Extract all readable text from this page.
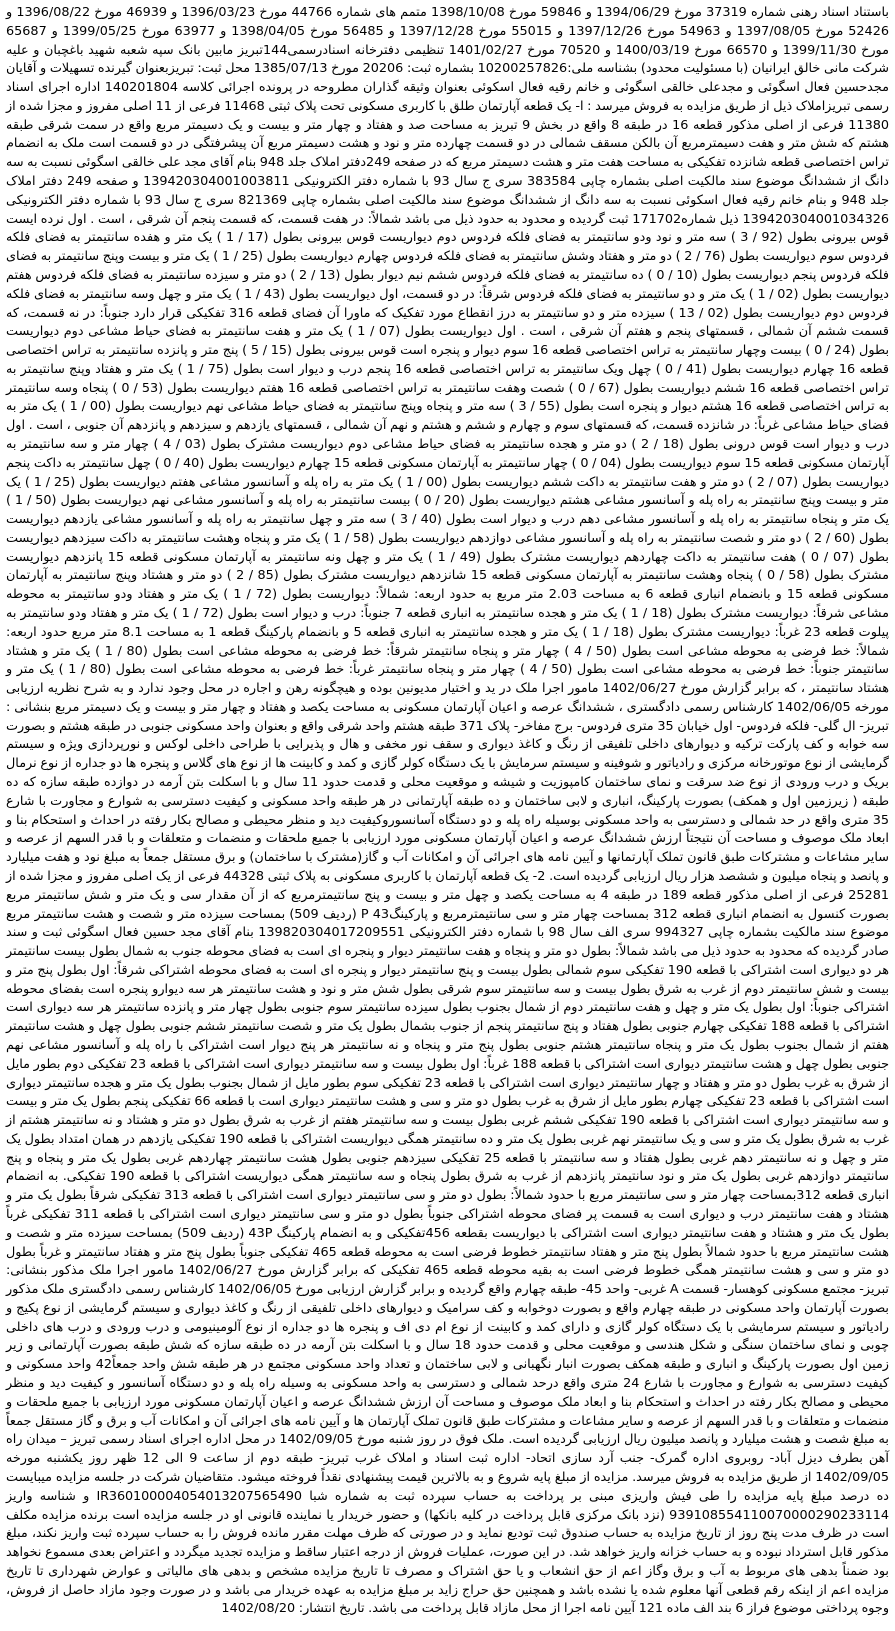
باستناد اسناد رهنی شماره 37319 مورخ 1394/06/29 و 59846 مورخ 1398/10/08 متمم های شماره 44766 مورخ 1396/03/23 و 46939 مورخ 1396/08/22 و 52426 مورخ 1397/08/05 و 54963 مورخ 1397/12/26 و 55015 مورخ 1397/12/28 و 56485 مورخ 1398/04/05 و 63977 مورخ 1399/05/25 و 65687 مورخ 1399/11/30 و 66570 مورخ 1400/03/19 و 70520 مورخ 1401/02/27 تنظیمی دفترخانه اسنادرسمی144تبریز مابین بانک سپه شعبه شهید باغچبان و علیه شرکت مانی خالق ایرانیان (با مسئولیت محدود) بشناسه ملی:10200257826 بشماره ثبت: 20206 مورخ 1385/07/13 محل ثبت: تبریزبعنوان گیرنده تسهیلات و آقایان مجدحسین فعال اسگوئی و مجدعلی خالقی اسگوئی و خانم رقیه فعال اسکوئی بعنوان وثیقه گذاران مطروحه در پرونده اجرائی کلاسه 140201804 اداره اجرای اسناد رسمی تبریزاملاک ذیل از طریق مزایده به فروش میرسد : ا- یک قطعه آپارتمان طلق با کاربری مسکونی تحت پلاک ثبتی 11468 فرعی از 11 اصلی مفروز و مجزا شده از 11380 فرعی از اصلی مذکور قطعه 16 در طبقه 8 واقع در بخش 9 تبریز به مساحت صد و هفتاد و چهار متر و بیست و یک دسیمتر مربع واقع در سمت شرقی طبقه هشتم که شش متر و هفت دسیمترمربع آن بالکن مسقف شمالی در دو قسمت چهارده متر و نود و هشت دسیمتر مربع آن پیشرفتگی در دو قسمت است ملک به انضمام تراس اختصاصی قطعه شانزده تفکیکی به مساحت هفت متر و هشت دسیمتر مربع که در صفحه 249دفتر املاک جلد 948 بنام آقای مجد علی خالقی اسگوئی نسبت به سه دانگ از ششدانگ موضوع سند مالکیت اصلی بشماره چاپی 383584 سری ج سال 93 با شماره دفتر الکترونیکی 139420304001003811 و صفحه 249 دفتر املاک جلد 948 و بنام خانم رقیه فعال اسکوئی نسبت به سه دانگ از ششدانگ موضوع سند مالکیت اصلی بشماره چاپی 821369 سری ج سال 93 با شماره دفتر الکترونیکی 139420304001034326 ذیل شماره171702 ثبت گردیده و محدود به حدود ذیل می باشد شمالاً: در هفت قسمت، که قسمت پنجم آن شرقی ، است . اول نرده ایست قوس بیرونی بطول (92 / 3 ) سه متر و نود ودو سانتیمتر به فضای فلکه فردوس دوم دیواریست قوس بیرونی بطول (17 / 1 ) یک متر و هفده سانتیمتر به فضای فلکه فردوس سوم دیواریست بطول (76 / 2 ) دو متر و هفتاد وشش سانتیمتر به فضای فلکه فردوس چهارم دیواریست بطول (25 / 1 ) یک متر و بیست وپنج سانتیمتر به فضای فلکه فردوس پنجم دیواریست بطول (10 / 0 ) ده سانتیمتر به فضای فلکه فردوس ششم نیم دیوار بطول (13 / 2 ) دو متر و سیزده سانتیمتر به فضای فلکه فردوس هفتم دیواریست بطول (02 / 1 ) یک متر و دو سانتیمتر به فضای فلکه فردوس شرقاً: در دو قسمت، اول دیواریست بطول (43 / 1 ) یک متر و چهل وسه سانتیمتر به فضای فلکه فردوس دوم دیواریست بطول (02 / 13 ) سیزده متر و دو سانتیمتر به درز انقطاع مورد تفکیک که ماورا آن فضای قطعه 316 تفکیکی قرار دارد جنوباً: در نه قسمت، که قسمت ششم آن شمالی ، قسمتهای پنجم و هفتم آن شرقی ، است . اول دیواریست بطول (07 / 1 ) یک متر و هفت سانتیمتر به فضای حیاط مشاعی دوم دیواریست بطول (24 / 0 ) بیست وچهار سانتیمتر به تراس اختصاصی قطعه 16 سوم دیوار و پنجره است قوس بیرونی بطول (15 / 5 ) پنج متر و پانزده سانتیمتر به تراس اختصاصی قطعه 16 چهارم دیواریست بطول (41 / 0 ) چهل ویک سانتیمتر به تراس اختصاصی قطعه 16 پنجم درب و دیوار است بطول (75 / 1 ) یک متر و هفتاد وپنج سانتیمتر به تراس اختصاصی قطعه 16 ششم دیواریست بطول (67 / 0 ) شصت وهفت سانتیمتر به تراس اختصاصی قطعه 16 هفتم دیواریست بطول (53 / 0 ) پنجاه وسه سانتیمتر به تراس اختصاصی قطعه 16 هشتم دیوار و پنجره است بطول (55 / 3 ) سه متر و پنجاه وپنج سانتیمتر به فضای حیاط مشاعی نهم دیواریست بطول (00 / 1 ) یک متر به فضای حیاط مشاعی غرباً: در شانزده قسمت، که قسمتهای سوم و چهارم و ششم و هشتم و نهم آن شمالی ، قسمتهای یازدهم و سیزدهم و پانزدهم آن جنوبی ، است . اول درب و دیوار است قوس درونی بطول (18 / 2 ) دو متر و هجده سانتیمتر به فضای حیاط مشاعی دوم دیواریست مشترک بطول (03 / 4 ) چهار متر و سه سانتیمتر به آپارتمان مسکونی قطعه 15 سوم دیواریست بطول (04 / 0 ) چهار سانتیمتر به آپارتمان مسکونی قطعه 15 چهارم دیواریست بطول (40 / 0 ) چهل سانتیمتر به داکت پنجم دیواریست بطول (07 / 2 ) دو متر و هفت سانتیمتر به داکت ششم دیواریست بطول (00 / 1 ) یک متر به راه پله و آسانسور مشاعی هفتم دیواریست بطول (25 / 1 ) یک متر و بیست وپنج سانتیمتر به راه پله و آسانسور مشاعی هشتم دیواریست بطول (20 / 0 ) بیست سانتیمتر به راه پله و آسانسور مشاعی نهم دیواریست بطول (50 / 1 ) یک متر و پنجاه سانتیمتر به راه پله و آسانسور مشاعی دهم درب و دیوار است بطول (40 / 3 ) سه متر و چهل سانتیمتر به راه پله و آسانسور مشاعی یازدهم دیواریست بطول (60 / 2 ) دو متر و شصت سانتیمتر به راه پله و آسانسور مشاعی دوازدهم دیواریست بطول (58 / 1 ) یک متر و پنجاه وهشت سانتیمتر به داکت سیزدهم دیواریست بطول (07 / 0 ) هفت سانتیمتر به داکت چهاردهم دیواریست مشترک بطول (49 / 1 ) یک متر و چهل ونه سانتیمتر به آپارتمان مسکونی قطعه 15 پانزدهم دیواریست مشترک بطول (58 / 0 ) پنجاه وهشت سانتیمتر به آپارتمان مسکونی قطعه 15 شانزدهم دیواریست مشترک بطول (85 / 2 ) دو متر و هشتاد وپنج سانتیمتر به آپارتمان مسکونی قطعه 15 و بانضمام انباری قطعه 6 به مساحت 2.03 متر مربع به حدود اربعه: شمالاً: دیواریست بطول (72 / 1 ) یک متر و هفتاد ودو سانتیمتر به محوطه مشاعی شرقاً: دیواریست مشترک بطول (18 / 1 ) یک متر و هجده سانتیمتر به انباری قطعه 7 جنوباً: درب و دیوار است بطول (72 / 1 ) یک متر و هفتاد ودو سانتیمتر به پیلوت قطعه 23 غرباً: دیواریست مشترک بطول (18 / 1 ) یک متر و هجده سانتیمتر به انباری قطعه 5 و بانضمام پارکینگ قطعه 1 به مساحت 8.1 متر مربع حدود اربعه: شمالاً: خط فرضی به محوطه مشاعی است بطول (50 / 4 ) چهار متر و پنجاه سانتیمتر شرقاً: خط فرضی به محوطه مشاعی است بطول (80 / 1 ) یک متر و هشتاد سانتیمتر جنوباً: خط فرضی به محوطه مشاعی است بطول (50 / 4 ) چهار متر و پنجاه سانتیمتر غرباً: خط فرضی به محوطه مشاعی است بطول (80 / 1 ) یک متر و هشتاد سانتیمتر ، که برابر گزارش مورخ 1402/06/27 مامور اجرا ملک در ید و اختیار مدیونین بوده و هیچگونه رهن و اجاره در محل وجود ندارد و به شرح نظریه ارزیابی مورخه 1402/06/05 کارشناس رسمی دادگستری ، ششدانگ عرصه و اعیان آپارتمان مسکونی به مساحت یکصد و هفتاد و چهار متر و بیست و یک دسیمتر مربع بنشانی : تبریز- ال گلی- فلکه فردوس- اول خیابان 35 متری فردوس- برج مفاخر- پلاک 371 طبقه هشتم واحد شرقی واقع و بعنوان واحد مسکونی جنوبی در طبقه هشتم و بصورت سه خوابه و کف پارکت ترکیه و دیوارهای داخلی تلفیقی از رنگ و کاغذ دیواری و سقف نور مخفی و هال و پذیرایی با طراحی داخلی لوکس و نورپردازی ویژه و سیستم گرمایشی از نوع موتورخانه مرکزی و رادیاتور و شوفینه و سیستم سرمایش با یک دستگاه کولر گازی و کمد و کابینت ها از نوع های گلاس و پنجره ها دو جداره از نوع نرمال بریک و درب ورودی از نوع ضد سرقت و نمای ساختمان کامپوزیت و شیشه و موقعیت محلی و قدمت حدود 11 سال و با اسکلت بتن آرمه در دوازده طبقه سازه که ده طبقه ( زیرزمین اول و همکف) بصورت پارکینگ، انباری و لابی ساختمان و ده طبقه آپارتمانی در هر طبقه واحد مسکونی و کیفیت دسترسی به شوارع و مجاورت با شارع 35 متری واقع در حد شمالی و دسترسی به واحد مسکونی بوسیله راه پله و دو دستگاه آسانسوروکیفیت دید و منظر محیطی و مصالح بکار رفته در احداث و استحکام بنا و ابعاد ملک موصوف و مساحت آن نتیجتاً ارزش ششدانگ عرصه و اعیان آپارتمان مسکونی مورد ارزیابی با جمیع ملحقات و منضمات و متعلقات و با قدر السهم از عرصه و سایر مشاعات و مشترکات طبق قانون تملک آپارتمانها و آیین نامه های اجرائی آن و امکانات آب و گاز(مشترک با ساختمان) و برق مستقل جمعاً به مبلغ نود و هفت میلیارد و پانصد و پنجاه میلیون و ششصد هزار ریال ارزیابی گردیده است. 2- یک قطعه آپارتمان با کاربری مسکونی به پلاک ثبتی 44328 فرعی از یک اصلی مفروز و مجزا شده از 25281 فرعی از اصلی مذکور قطعه 189 در طبقه 4 به مساحت یکصد و چهل متر و بیست و پنج سانتیمترمربع که از آن مقدار سی و یک متر و شش سانتیمتر مربع بصورت کنسول به انضمام انباری قطعه 312 بمساحت چهار متر و سی سانتیمترمربع و پارکینگ43 P (ردیف 509) بمساحت سیزده متر و شصت و هشت سانتیمتر مربع موضوع سند مالکیت بشماره چاپی 994327 سری الف سال 98 با شماره دفتر الکترونیکی 139820304017209551 بنام آقای مجد حسین فعال اسگوئی ثبت و سند صادر گردیده که محدود به حدود ذیل می باشد شمالاً: بطول دو متر و پنجاه و هفت سانتیمتر دیوار و پنجره ای است به فضای محوطه جنوب به شمال بطول بیست سانتیمتر هر دو دیواری است اشتراکی با قطعه 190 تفکیکی سوم شمالی بطول بیست و پنج سانتیمتر دیوار و پنجره ای است به فضای محوطه اشتراکی شرقاً: اول بطول پنج متر و بیست و شش سانتیمتر دوم از غرب به شرق بطول بیست و سه سانتیمتر سوم شرقی بطول شش متر و نود و هشت سانتیمتر هر سه دیوارو پنجره است بفضای محوطه اشتراکی جنوباً: اول بطول یک متر و چهل و هفت سانتیمتر دوم از شمال بجنوب بطول سیزده سانتیمتر سوم جنوبی بطول چهار متر و پانزده سانتیمتر هر سه دیواری است اشتراکی با قطعه 188 تفکیکی چهارم جنوبی بطول هفتاد و پنج سانتیمتر پنجم از جنوب بشمال بطول یک متر و شصت سانتیمتر ششم جنوبی بطول چهل و هشت سانتیمتر هفتم از شمال بجنوب بطول یک متر و پنجاه سانتیمتر هشتم جنوبی بطول پنج متر و پنجاه و نه سانتیمتر هر پنج دیوار است اشتراکی با راه پله و آسانسور مشاعی نهم جنوبی بطول چهل و هشت سانتیمتر دیواری است اشتراکی با قطعه 188 غرباً: اول بطول بیست و سه سانتیمتر دیواری است اشتراکی با قطعه 23 تفکیکی دوم بطور مایل از شرق به غرب بطول دو متر و هفتاد و چهار سانتیمتر دیواری است اشتراکی با قطعه 23 تفکیکی سوم بطور مایل از شمال بجنوب بطول یک متر و هجده سانتیمتر دیواری است اشتراکی با قطعه 23 تفکیکی چهارم بطور مایل از شرق به غرب بطول دو متر و سی و هشت سانتیمتر دیواری است با قطعه 66 تفکیکی پنجم بطول یک متر و بیست و سه سانتیمتر دیواری است اشتراکی با قطعه 190 تفکیکی ششم غربی بطول بیست و سه سانتیمتر هفتم از غرب به شرق بطول دو متر و هشتاد و نه سانتیمتر هشتم از غرب به شرق بطول یک متر و سی و یک سانتیمتر نهم غربی بطول یک متر و ده سانتیمتر همگی دیواریست اشتراکی با قطعه 190 تفکیکی یازدهم در همان امتداد بطول یک متر و چهل و نه سانتیمتر دهم غربی بطول هفتاد و سه سانتیمتر با قطعه 25 تفکیکی سیزدهم جنوبی بطول هشت سانتیمتر چهاردهم غربی بطول یک متر و پنجاه و پنج سانتیمتر دوازدهم غربی بطول یک متر و نود سانتیمتر پانزدهم از غرب به شرق بطول پنجاه و سه سانتیمتر همگی دیواریست اشتراکی با قطعه 190 تفکیکی. به انضمام انباری قطعه 312بمساحت چهار متر و سی سانتیمتر مربع با حدود شمالاً: بطول دو متر و سی سانتیمتر دیواری است اشتراکی با قطعه 313 تفکیکی شرقاً بطول یک متر و هشتاد و هفت سانتیمتر درب و دیواری است به قسمت پر فضای محوطه اشتراکی جنوباً بطول دو متر و سی سانتیمتر دیواری است اشتراکی با قطعه 311 تفکیکی غرباً بطول یک متر و هشتاد و هفت سانتیمتر دیواری است اشتراکی با دیواریست بقطعه 456تفکیکی و به انضمام پارکینگ 43P (ردیف 509) بمساحت سیزده متر و شصت و هشت سانتیمتر مربع با حدود شمالاً بطول پنج متر و هفتاد سانتیمتر خطوط فرضی است به محوطه قطعه 465 تفکیکی جنوباً بطول پنج متر و هفتاد سانتیمتر و غرباً بطول دو متر و سی و هشت سانتیمتر همگی خطوط فرضی است به بقیه محوطه قطعه 465 تفکیکی که برابر گزارش مورخ 1402/06/27 مامور اجرا ملک مذکور بنشانی: تبریز- مجتمع مسکونی کوهسار- قسمت A غربی- واحد 45- طبقه چهارم واقع گردیده و برابر گزارش ارزیابی مورخ 1402/06/05 کارشناس رسمی دادگستری ملک مذکور بصورت آپارتمان واحد مسکونی در طبقه چهارم واقع و بصورت دوخوابه و کف سرامیک و دیوارهای داخلی تلفیقی از رنگ و کاغذ دیواری و سیستم گرمایشی از نوع پکیج و رادیاتور و سیستم سرمایشی با یک دستگاه کولر گازی و دارای کمد و کابینت از نوع ام دی اف و پنجره ها دو جداره از نوع آلومینیومی و درب ورودی و درب های داخلی چوبی و نمای ساختمان سنگی و شکل هندسی و موقعیت محلی و قدمت حدود 18 سال و با اسکلت بتن آرمه در ده طبقه سازه که شش طبقه بصورت آپارتمانی و زیر زمین اول بصورت پارکینگ و انباری و طبقه همکف بصورت انبار نگهبانی و لابی ساختمان و تعداد واحد مسکونی مجتمع در هر طبقه شش واحد جمعاً42 واحد مسکونی و کیفیت دسترسی به شوارع و مجاورت با شارع 24 متری واقع درحد شمالی و دسترسی به واحد مسکونی به وسیله راه پله و دو دستگاه آسانسور و کیفیت دید و منظر محیطی و مصالح بکار رفته در احداث و استحکام بنا و ابعاد ملک موصوف و مساحت آن ارزش ششدانگ عرصه و اعیان آپارتمان مسکونی مورد ارزیابی با جمیع ملحقات و منضمات و متعلقات و با قدر السهم از عرصه و سایر مشاعات و مشترکات طبق قانون تملک آپارتمان ها و آیین نامه های اجرائی آن و امکانات آب و برق و گاز مستقل جمعاً به مبلغ شصت و هشت میلیارد و پانصد میلیون ریال ارزیابی گردیده است. ملک فوق در روز شنبه مورخ 1402/09/05 در محل اداره اجرای اسناد رسمی تبریز – میدان راه آهن بطرف دیزل آباد- روبروی اداره گمرک- جنب آرد سازی اتحاد- اداره ثبت اسناد و املاک غرب تبریز- طبقه دوم از ساعت 9 الی 12 ظهر روز یکشنبه مورخه 1402/09/05 از طریق مزایده به فروش میرسد. مزایده از مبلغ پایه شروع و به بالاترین قیمت پیشنهادی نقداً فروخته میشود. متقاضیان شرکت در جلسه مزایده میبایست ده درصد مبلغ پایه مزایده را طی فیش واریزی مبنی بر پرداخت به حساب سپرده ثبت به شماره شبا IR360100004054013207565490 و شناسه واریز 939108554110070000290233114 (نزد بانک مرکزی قابل پرداخت در کلیه بانکها) و حضور خریدار یا نماینده قانونی او در جلسه مزایده است برنده مزایده مکلف است در ظرف مدت پنج روز از تاریخ مزایده به حساب صندوق ثبت تودیع نماید و در صورتی که ظرف مهلت مقرر مانده فروش را به حساب سپرده ثبت واریز نکند، مبلغ مذکور قابل استرداد نبوده و به حساب خزانه واریز خواهد شد. در این صورت، عملیات فروش از درجه اعتبار ساقط و مزایده تجدید میگردد و اعتراض بعدی مسموع نخواهد بود ضمناً بدهی های مربوط به آب و برق وگاز اعم از حق انشعاب و یا حق اشتراک و مصرف تا تاریخ مزایده مشخص و بدهی های مالیاتی و عوارض شهرداری تا تاریخ مزایده اعم از اینکه رقم قطعی آنها معلوم شده یا نشده باشد و همچنین حق حراج زاید بر مبلغ مزایده به عهده خریدار می باشد و در صورت وجود مازاد حاصل از فروش، وجوه پرداختی موضوع فراز 6 بند الف ماده 121 آیین نامه اجرا از محل مازاد قابل پرداخت می باشد. تاریخ انتشار: 1402/08/20
